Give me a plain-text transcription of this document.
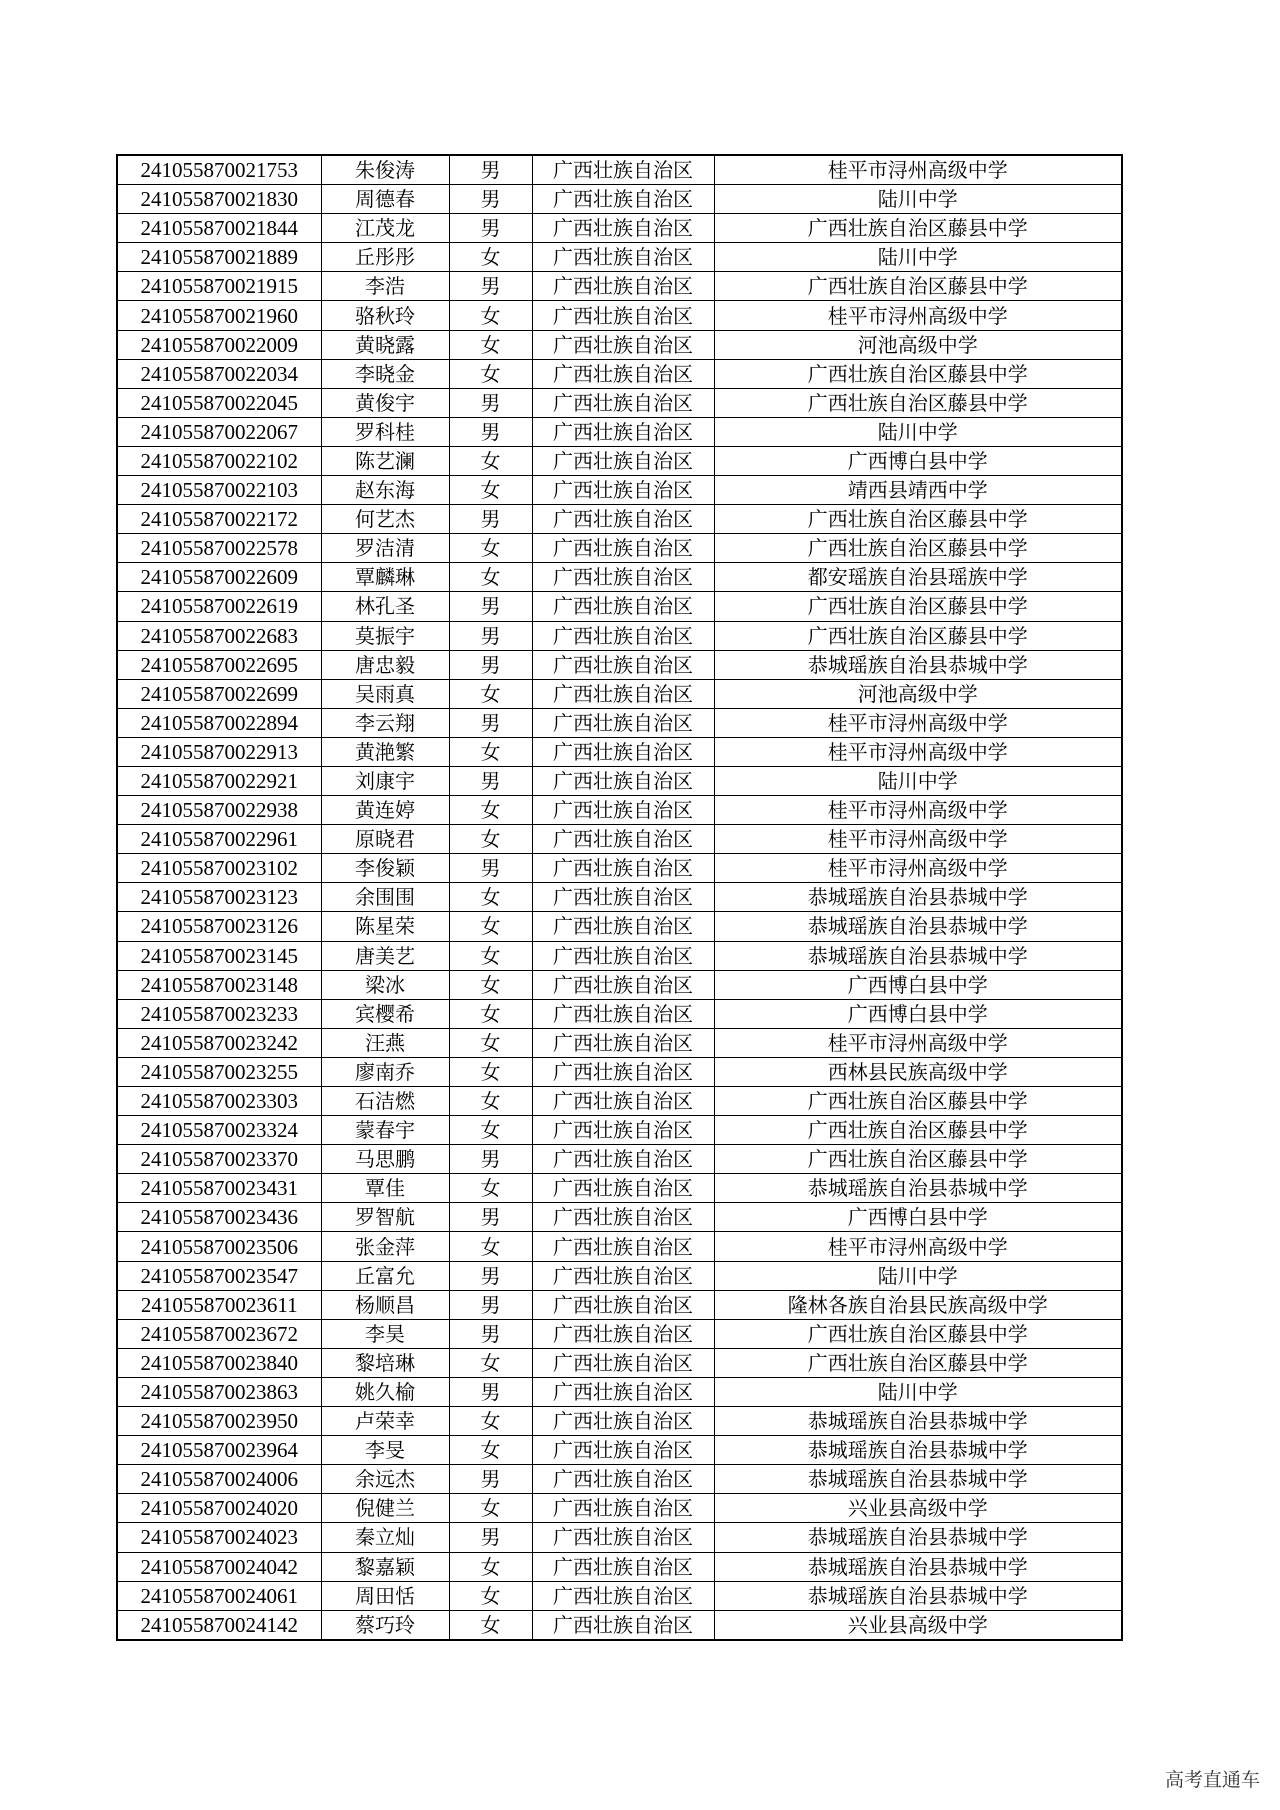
241055870021753	朱俊涛	男	广西壮族自治区	桂平市浔州高级中学
241055870021830	周德春	男	广西壮族自治区	陆川中学
241055870021844	江茂龙	男	广西壮族自治区	广西壮族自治区藤县中学
241055870021889	丘彤彤	女	广西壮族自治区	陆川中学
241055870021915	李浩	男	广西壮族自治区	广西壮族自治区藤县中学
241055870021960	骆秋玲	女	广西壮族自治区	桂平市浔州高级中学
241055870022009	黄晓露	女	广西壮族自治区	河池高级中学
241055870022034	李晓金	女	广西壮族自治区	广西壮族自治区藤县中学
241055870022045	黄俊宇	男	广西壮族自治区	广西壮族自治区藤县中学
241055870022067	罗科桂	男	广西壮族自治区	陆川中学
241055870022102	陈艺澜	女	广西壮族自治区	广西博白县中学
241055870022103	赵东海	女	广西壮族自治区	靖西县靖西中学
241055870022172	何艺杰	男	广西壮族自治区	广西壮族自治区藤县中学
241055870022578	罗洁清	女	广西壮族自治区	广西壮族自治区藤县中学
241055870022609	覃麟琳	女	广西壮族自治区	都安瑶族自治县瑶族中学
241055870022619	林孔圣	男	广西壮族自治区	广西壮族自治区藤县中学
241055870022683	莫振宇	男	广西壮族自治区	广西壮族自治区藤县中学
241055870022695	唐忠毅	男	广西壮族自治区	恭城瑶族自治县恭城中学
241055870022699	吴雨真	女	广西壮族自治区	河池高级中学
241055870022894	李云翔	男	广西壮族自治区	桂平市浔州高级中学
241055870022913	黄滟繁	女	广西壮族自治区	桂平市浔州高级中学
241055870022921	刘康宇	男	广西壮族自治区	陆川中学
241055870022938	黄连婷	女	广西壮族自治区	桂平市浔州高级中学
241055870022961	原晓君	女	广西壮族自治区	桂平市浔州高级中学
241055870023102	李俊颖	男	广西壮族自治区	桂平市浔州高级中学
241055870023123	余围围	女	广西壮族自治区	恭城瑶族自治县恭城中学
241055870023126	陈星荣	女	广西壮族自治区	恭城瑶族自治县恭城中学
241055870023145	唐美艺	女	广西壮族自治区	恭城瑶族自治县恭城中学
241055870023148	梁冰	女	广西壮族自治区	广西博白县中学
241055870023233	宾樱希	女	广西壮族自治区	广西博白县中学
241055870023242	汪燕	女	广西壮族自治区	桂平市浔州高级中学
241055870023255	廖南乔	女	广西壮族自治区	西林县民族高级中学
241055870023303	石洁燃	女	广西壮族自治区	广西壮族自治区藤县中学
241055870023324	蒙春宇	女	广西壮族自治区	广西壮族自治区藤县中学
241055870023370	马思鹏	男	广西壮族自治区	广西壮族自治区藤县中学
241055870023431	覃佳	女	广西壮族自治区	恭城瑶族自治县恭城中学
241055870023436	罗智航	男	广西壮族自治区	广西博白县中学
241055870023506	张金萍	女	广西壮族自治区	桂平市浔州高级中学
241055870023547	丘富允	男	广西壮族自治区	陆川中学
241055870023611	杨顺昌	男	广西壮族自治区	隆林各族自治县民族高级中学
241055870023672	李昊	男	广西壮族自治区	广西壮族自治区藤县中学
241055870023840	黎培琳	女	广西壮族自治区	广西壮族自治区藤县中学
241055870023863	姚久榆	男	广西壮族自治区	陆川中学
241055870023950	卢荣幸	女	广西壮族自治区	恭城瑶族自治县恭城中学
241055870023964	李旻	女	广西壮族自治区	恭城瑶族自治县恭城中学
241055870024006	余远杰	男	广西壮族自治区	恭城瑶族自治县恭城中学
241055870024020	倪健兰	女	广西壮族自治区	兴业县高级中学
241055870024023	秦立灿	男	广西壮族自治区	恭城瑶族自治县恭城中学
241055870024042	黎嘉颖	女	广西壮族自治区	恭城瑶族自治县恭城中学
241055870024061	周田恬	女	广西壮族自治区	恭城瑶族自治县恭城中学
241055870024142	蔡巧玲	女	广西壮族自治区	兴业县高级中学
高考直通车
